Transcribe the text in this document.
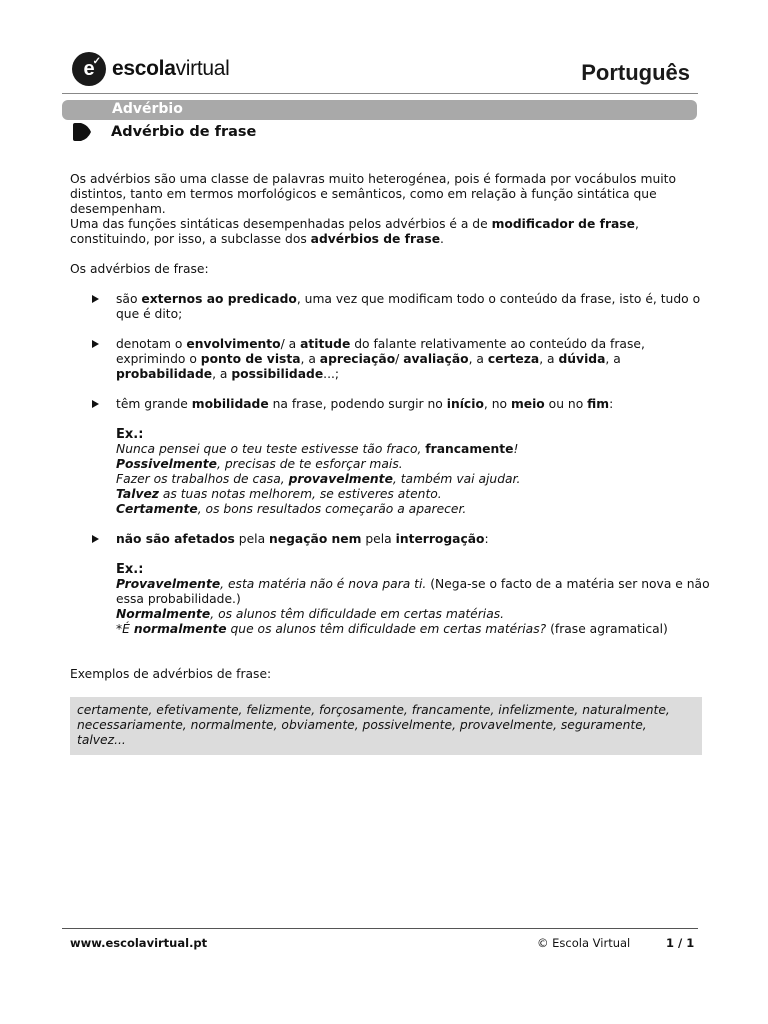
e
✓ escolavirtual	Português
Advérbio
Advérbio de frase

Os advérbios são uma classe de palavras muito heterogénea, pois é formada por vocábulos muito distintos, tanto em termos morfológicos e semânticos, como em relação à função sintática que desempenham.

Uma das funções sintáticas desempenhadas pelos advérbios é a de modificador de frase, constituindo, por isso, a subclasse dos advérbios de frase.

Os advérbios de frase:

são externos ao predicado, uma vez que modificam todo o conteúdo da frase, isto é, tudo o que é dito;
denotam o envolvimento/ a atitude do falante relativamente ao conteúdo da frase, exprimindo o ponto de vista, a apreciação/ avaliação, a certeza, a dúvida, a probabilidade, a possibilidade...;
têm grande mobilidade na frase, podendo surgir no início, no meio ou no fim:
Ex.:
Nunca pensei que o teu teste estivesse tão fraco, francamente!
Possivelmente, precisas de te esforçar mais.
Fazer os trabalhos de casa, provavelmente, também vai ajudar.
Talvez as tuas notas melhorem, se estiveres atento.
Certamente, os bons resultados começarão a aparecer.
não são afetados pela negação nem pela interrogação:
Ex.:
Provavelmente, esta matéria não é nova para ti. (Nega-se o facto de a matéria ser nova e não essa probabilidade.)
Normalmente, os alunos têm dificuldade em certas matérias.
*É normalmente que os alunos têm dificuldade em certas matérias? (frase agramatical)

Exemplos de advérbios de frase:

certamente, efetivamente, felizmente, forçosamente, francamente, infelizmente, naturalmente, necessariamente, normalmente, obviamente, possivelmente, provavelmente, seguramente, talvez...
www.escolavirtual.pt	© Escola Virtual	1 / 1
